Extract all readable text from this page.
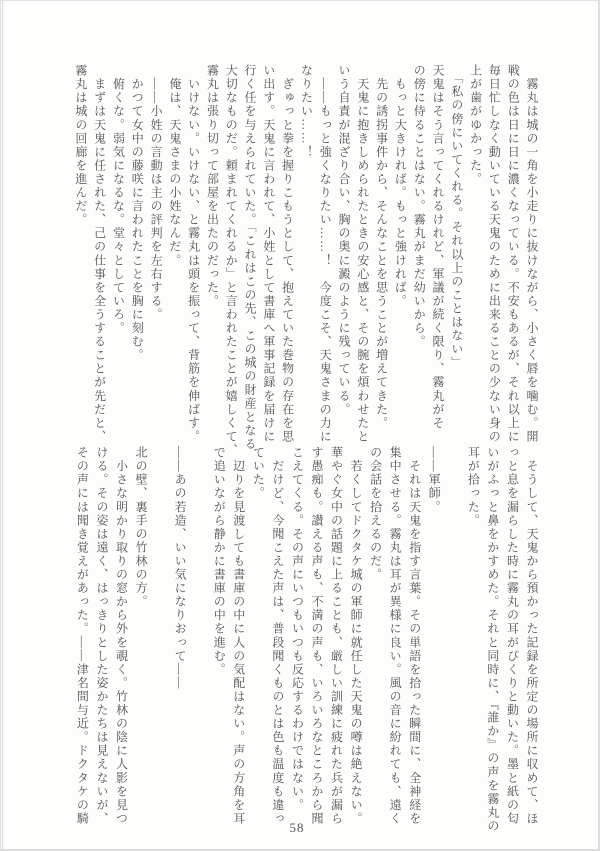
　霧丸は城の一角を小走りに抜けながら、小さく唇を噛む。開
戦の色は日に日に濃くなっている。不安もあるが、それ以上に
毎日忙しなく動いている天鬼のために出来ることの少ない身の
上が歯がゆかった。
　「私の傍にいてくれる。それ以上のことはない」
天鬼はそう言ってくれるけれど、軍議が続く限り、霧丸がそ
の傍に侍ることはない。霧丸がまだ幼いから。
　もっと大きければ。もっと強ければ。
　先の誘拐事件から、そんなことを思うことが増えてきた。
　天鬼に抱きしめられたときの安心感と、その腕を煩わせたと
いう自責が混ざり合い、胸の奥に澱のように残っている。
　――もっと強くなりたい……！　今度こそ、天鬼さまの力に
なりたい……！
　ぎゅっと拳を握りこもうとして、抱えていた巻物の存在を思
い出す。天鬼に言われて、小姓として書庫へ軍事記録を届けに
行く任を与えられていた。「これはこの先、この城の財産となる
大切なものだ。頼まれてくれるか」と言われたことが嬉しくて、
霧丸は張り切って部屋を出たのだった。
　いけない。いけない、と霧丸は頭を振って、背筋を伸ばす。
　俺は、天鬼さまの小姓なんだ。
　――小姓の言動は主の評判を左右する。
　かつて女中の藤咲に言われたことを胸に刻む。
　俯くな。弱気になるな。堂々としていろ。
　まずは天鬼に任された、己の仕事を全うすることが先だと、
霧丸は城の回廊を進んだ。
　そうして、天鬼から預かった記録を所定の場所に収めて、ほ
っと息を漏らした時に霧丸の耳がぴくりと動いた。墨と紙の匂
いがふっと鼻をかすめた。それと同時に、『誰か』の声を霧丸の
耳が拾った。

――軍師。
　それは天鬼を指す言葉。その単語を拾った瞬間に、全神経を
集中させる。霧丸は耳が異様に良い。風の音に紛れても、遠く
の会話を拾えるのだ。
　若くしてドクタケ城の軍師に就任した天鬼の噂は絶えない。
華やぐ女中の話題に上ることも、厳しい訓練に疲れた兵が漏ら
す愚痴も。讃える声も、不満の声も、いろいろなところから聞
こえてくる。その声にいつもいつも反応するわけではない。
　だけど、今聞こえた声は、普段聞くものとは色も温度も違っ
ていた。
　辺りを見渡しても書庫の中に人の気配はない。声の方角を耳
で追いながら静かに書庫の中を進む。

――あの若造、いい気になりおって――

北の壁、裏手の竹林の方。
　小さな明かり取りの窓から外を覗く。竹林の陰に人影を見つ
ける。その姿は遠く、はっきりとした姿かたちは見えないが、
その声には聞き覚えがあった。――津名間与近。ドクタケの騎
58
